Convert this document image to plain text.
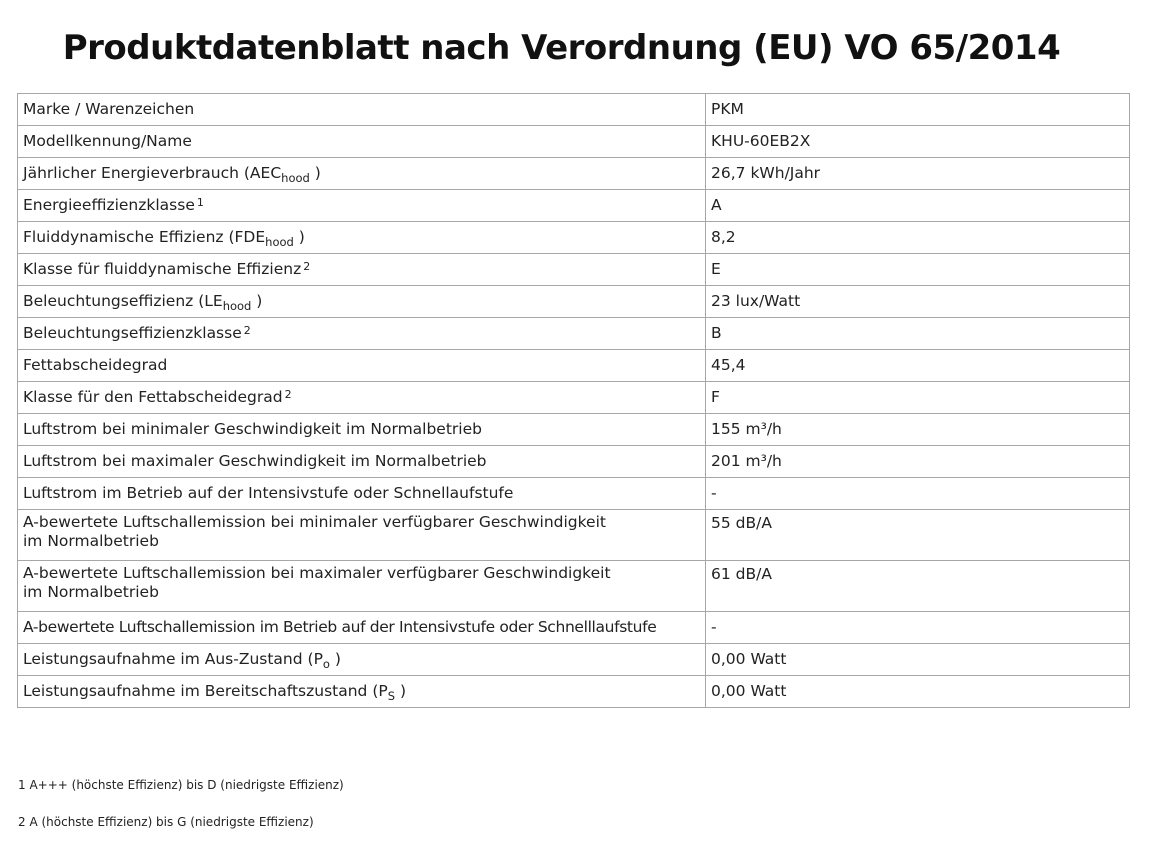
Produktdatenblatt nach Verordnung (EU) VO 65/2014
Marke / Warenzeichen	PKM
Modellkennung/Name	KHU-60EB2X
Jährlicher Energieverbrauch ($AEC_{hood}$ )	26,7 kWh/Jahr
Energieeffizienzklasse $^1$	A
Fluiddynamische Effizienz ($FDE_{hood}$ )	8,2
Klasse für fluiddynamische Effizienz $^2$	E
Beleuchtungseffizienz ($LE_{hood}$ )	23 lux/Watt
Beleuchtungseffizienzklasse $^2$	B
Fettabscheidegrad	45,4
Klasse für den Fettabscheidegrad $^2$	F
Luftstrom bei minimaler Geschwindigkeit im Normalbetrieb	155 m³/h
Luftstrom bei maximaler Geschwindigkeit im Normalbetrieb	201 m³/h
Luftstrom im Betrieb auf der Intensivstufe oder Schnellaufstufe	-
A-bewertete Luftschallemission bei minimaler verfügbarer Geschwindigkeit
im Normalbetrieb	55 dB/A
A-bewertete Luftschallemission bei maximaler verfügbarer Geschwindigkeit
im Normalbetrieb	61 dB/A
A-bewertete Luftschallemission im Betrieb auf der Intensivstufe oder Schnelllaufstufe	-
Leistungsaufnahme im Aus-Zustand ($P_o$ )	0,00 Watt
Leistungsaufnahme im Bereitschaftszustand ($P_S$ )	0,00 Watt
1 A+++ (höchste Effizienz) bis D (niedrigste Effizienz)
2 A (höchste Effizienz) bis G (niedrigste Effizienz)
